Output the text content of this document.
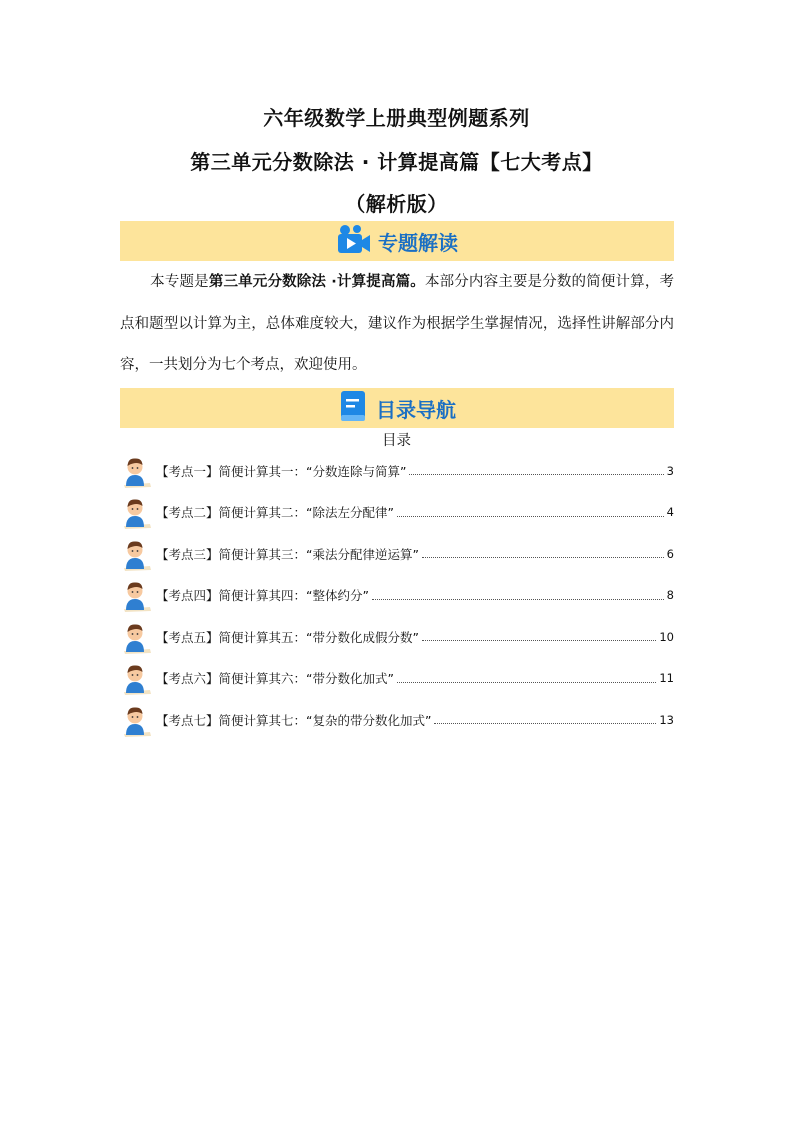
六年级数学上册典型例题系列
第三单元分数除法 · 计算提高篇【七大考点】
（解析版）
专题解读
本专题是第三单元分数除法 ·计算提高篇。本部分内容主要是分数的简便计算，考点和题型以计算为主，总体难度较大，建议作为根据学生掌握情况，选择性讲解部分内容，一共划分为七个考点，欢迎使用。
目录导航
目录
【考点一】简便计算其一：“分数连除与简算”	3
【考点二】简便计算其二：“除法左分配律”	4
【考点三】简便计算其三：“乘法分配律逆运算”	6
【考点四】简便计算其四：“整体约分”	8
【考点五】简便计算其五：“带分数化成假分数”	10
【考点六】简便计算其六：“带分数化加式”	11
【考点七】简便计算其七：“复杂的带分数化加式”	13
